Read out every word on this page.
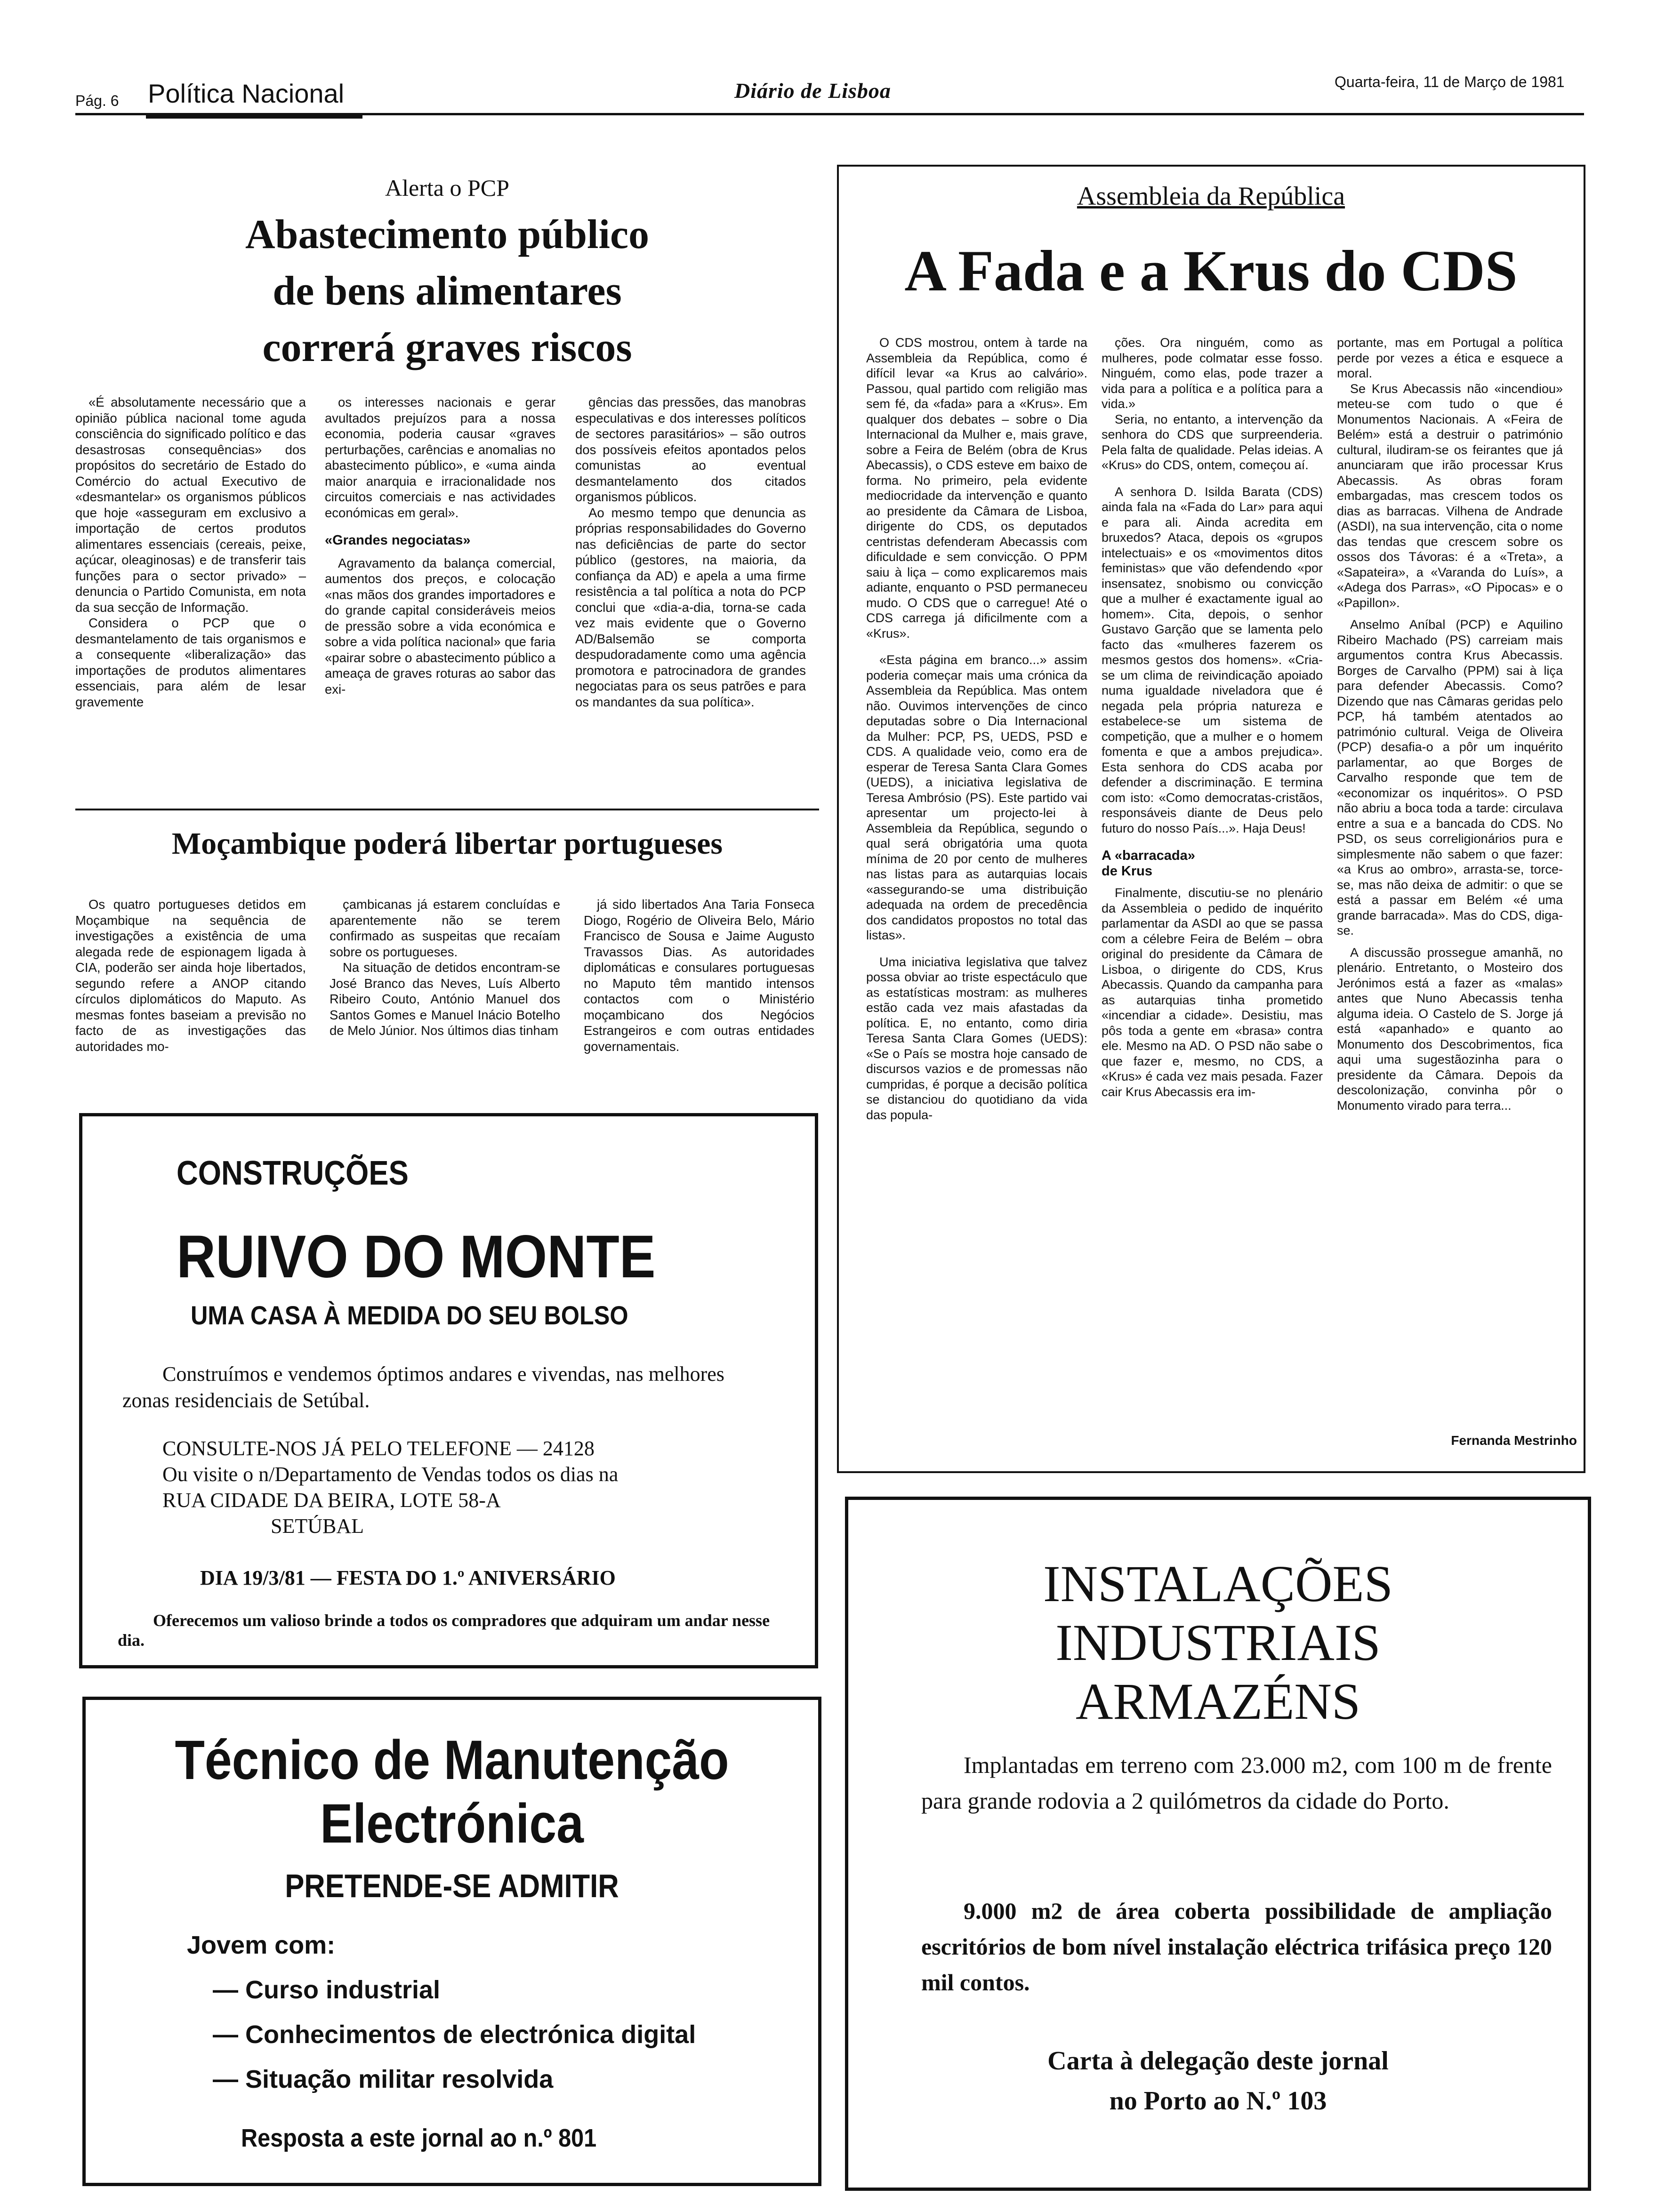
Pág. 6 Política Nacional	Diário de Lisboa	Quarta-feira, 11 de Março de 1981
Alerta o PCP
Abastecimento público
de bens alimentares
correrá graves riscos

«É absolutamente necessário que a opinião pública nacional tome aguda consciência do significado político e das desastrosas consequências» dos propósitos do secretário de Estado do Comércio do actual Executivo de «desmantelar» os organismos públicos que hoje «asseguram em exclusivo a importação de certos produtos alimentares essenciais (cereais, peixe, açúcar, oleaginosas) e de transferir tais funções para o sector privado» – denuncia o Partido Comunista, em nota da sua secção de Informação.

Considera o PCP que o desmantelamento de tais organismos e a consequente «liberalização» das importações de produtos alimentares essenciais, para além de lesar gravemente

os interesses nacionais e gerar avultados prejuízos para a nossa economia, poderia causar «graves perturbações, carências e anomalias no abastecimento público», e «uma ainda maior anarquia e irracionalidade nos circuitos comerciais e nas actividades económicas em geral».

«Grandes negociatas»

Agravamento da balança comercial, aumentos dos preços, e colocação «nas mãos dos grandes importadores e do grande capital consideráveis meios de pressão sobre a vida económica e sobre a vida política nacional» que faria «pairar sobre o abastecimento público a ameaça de graves roturas ao sabor das exi-

gências das pressões, das manobras especulativas e dos interesses políticos de sectores parasitários» – são outros dos possíveis efeitos apontados pelos comunistas ao eventual desmantelamento dos citados organismos públicos.

Ao mesmo tempo que denuncia as próprias responsabilidades do Governo nas deficiências de parte do sector público (gestores, na maioria, da confiança da AD) e apela a uma firme resistência a tal política a nota do PCP conclui que «dia-a-dia, torna-se cada vez mais evidente que o Governo AD/Balsemão se comporta despudoradamente como uma agência promotora e patrocinadora de grandes negociatas para os seus patrões e para os mandantes da sua política».

Moçambique poderá libertar portugueses

Os quatro portugueses detidos em Moçambique na sequência de investigações a existência de uma alegada rede de espionagem ligada à CIA, poderão ser ainda hoje libertados, segundo refere a ANOP citando círculos diplomáticos do Maputo. As mesmas fontes baseiam a previsão no facto de as investigações das autoridades mo-

çambicanas já estarem concluídas e aparentemente não se terem confirmado as suspeitas que recaíam sobre os portugueses.

Na situação de detidos encontram-se José Branco das Neves, Luís Alberto Ribeiro Couto, António Manuel dos Santos Gomes e Manuel Inácio Botelho de Melo Júnior. Nos últimos dias tinham

já sido libertados Ana Taria Fonseca Diogo, Rogério de Oliveira Belo, Mário Francisco de Sousa e Jaime Augusto Travassos Dias. As autoridades diplomáticas e consulares portuguesas no Maputo têm mantido intensos contactos com o Ministério moçambicano dos Negócios Estrangeiros e com outras entidades governamentais.

Assembleia da República
A Fada e a Krus do CDS

O CDS mostrou, ontem à tarde na Assembleia da República, como é difícil levar «a Krus ao calvário». Passou, qual partido com religião mas sem fé, da «fada» para a «Krus». Em qualquer dos debates – sobre o Dia Internacional da Mulher e, mais grave, sobre a Feira de Belém (obra de Krus Abecassis), o CDS esteve em baixo de forma. No primeiro, pela evidente mediocridade da intervenção e quanto ao presidente da Câmara de Lisboa, dirigente do CDS, os deputados centristas defenderam Abecassis com dificuldade e sem convicção. O PPM saiu à liça – como explicaremos mais adiante, enquanto o PSD permaneceu mudo. O CDS que o carregue! Até o CDS carrega já dificilmente com a «Krus».

«Esta página em branco...» assim poderia começar mais uma crónica da Assembleia da República. Mas ontem não. Ouvimos intervenções de cinco deputadas sobre o Dia Internacional da Mulher: PCP, PS, UEDS, PSD e CDS. A qualidade veio, como era de esperar de Teresa Santa Clara Gomes (UEDS), a iniciativa legislativa de Teresa Ambrósio (PS). Este partido vai apresentar um projecto-lei à Assembleia da República, segundo o qual será obrigatória uma quota mínima de 20 por cento de mulheres nas listas para as autarquias locais «assegurando-se uma distribuição adequada na ordem de precedência dos candidatos propostos no total das listas».

Uma iniciativa legislativa que talvez possa obviar ao triste espectáculo que as estatísticas mostram: as mulheres estão cada vez mais afastadas da política. E, no entanto, como diria Teresa Santa Clara Gomes (UEDS): «Se o País se mostra hoje cansado de discursos vazios e de promessas não cumpridas, é porque a decisão política se distanciou do quotidiano da vida das popula-

ções. Ora ninguém, como as mulheres, pode colmatar esse fosso. Ninguém, como elas, pode trazer a vida para a política e a política para a vida.»

Seria, no entanto, a intervenção da senhora do CDS que surpreenderia. Pela falta de qualidade. Pelas ideias. A «Krus» do CDS, ontem, começou aí.

A senhora D. Isilda Barata (CDS) ainda fala na «Fada do Lar» para aqui e para ali. Ainda acredita em bruxedos? Ataca, depois os «grupos intelectuais» e os «movimentos ditos feministas» que vão defendendo «por insensatez, snobismo ou convicção que a mulher é exactamente igual ao homem». Cita, depois, o senhor Gustavo Garção que se lamenta pelo facto das «mulheres fazerem os mesmos gestos dos homens». «Cria-se um clima de reivindicação apoiado numa igualdade niveladora que é negada pela própria natureza e estabelece-se um sistema de competição, que a mulher e o homem fomenta e que a ambos prejudica». Esta senhora do CDS acaba por defender a discriminação. E termina com isto: «Como democratas-cristãos, responsáveis diante de Deus pelo futuro do nosso País...». Haja Deus!

A «barracada»
de Krus

Finalmente, discutiu-se no plenário da Assembleia o pedido de inquérito parlamentar da ASDI ao que se passa com a célebre Feira de Belém – obra original do presidente da Câmara de Lisboa, o dirigente do CDS, Krus Abecassis. Quando da campanha para as autarquias tinha prometido «incendiar a cidade». Desistiu, mas pôs toda a gente em «brasa» contra ele. Mesmo na AD. O PSD não sabe o que fazer e, mesmo, no CDS, a «Krus» é cada vez mais pesada. Fazer cair Krus Abecassis era im-

portante, mas em Portugal a política perde por vezes a ética e esquece a moral.

Se Krus Abecassis não «incendiou» meteu-se com tudo o que é Monumentos Nacionais. A «Feira de Belém» está a destruir o património cultural, iludiram-se os feirantes que já anunciaram que irão processar Krus Abecassis. As obras foram embargadas, mas crescem todos os dias as barracas. Vilhena de Andrade (ASDI), na sua intervenção, cita o nome das tendas que crescem sobre os ossos dos Távoras: é a «Treta», a «Sapateira», a «Varanda do Luís», a «Adega dos Parras», «O Pipocas» e o «Papillon».

Anselmo Aníbal (PCP) e Aquilino Ribeiro Machado (PS) carreiam mais argumentos contra Krus Abecassis. Borges de Carvalho (PPM) sai à liça para defender Abecassis. Como? Dizendo que nas Câmaras geridas pelo PCP, há também atentados ao património cultural. Veiga de Oliveira (PCP) desafia-o a pôr um inquérito parlamentar, ao que Borges de Carvalho responde que tem de «economizar os inquéritos». O PSD não abriu a boca toda a tarde: circulava entre a sua e a bancada do CDS. No PSD, os seus correligionários pura e simplesmente não sabem o que fazer: «a Krus ao ombro», arrasta-se, torce-se, mas não deixa de admitir: o que se está a passar em Belém «é uma grande barracada». Mas do CDS, diga-se.

A discussão prossegue amanhã, no plenário. Entretanto, o Mosteiro dos Jerónimos está a fazer as «malas» antes que Nuno Abecassis tenha alguma ideia. O Castelo de S. Jorge já está «apanhado» e quanto ao Monumento dos Descobrimentos, fica aqui uma sugestãozinha para o presidente da Câmara. Depois da descolonização, convinha pôr o Monumento virado para terra...

Fernanda Mestrinho
CONSTRUÇÕES
RUIVO DO MONTE
UMA CASA À MEDIDA DO SEU BOLSO
Construímos e vendemos óptimos andares e vivendas, nas melhores zonas residenciais de Setúbal.
CONSULTE-NOS JÁ PELO TELEFONE — 24128
Ou visite o n/Departamento de Vendas todos os dias na
RUA CIDADE DA BEIRA, LOTE 58-A
SETÚBAL
DIA 19/3/81 — FESTA DO 1.º ANIVERSÁRIO
Oferecemos um valioso brinde a todos os compradores que adquiram um andar nesse dia.
Técnico de Manutenção
Electrónica
PRETENDE-SE ADMITIR
Jovem com:
— Curso industrial
— Conhecimentos de electrónica digital
— Situação militar resolvida
Resposta a este jornal ao n.º 801
INSTALAÇÕES
INDUSTRIAIS
ARMAZÉNS
Implantadas em terreno com 23.000 m2, com 100 m de frente para grande rodovia a 2 quilómetros da cidade do Porto.
9.000 m2 de área coberta possibilidade de ampliação escritórios de bom nível instalação eléctrica trifásica preço 120 mil contos.
Carta à delegação deste jornal
no Porto ao N.º 103
